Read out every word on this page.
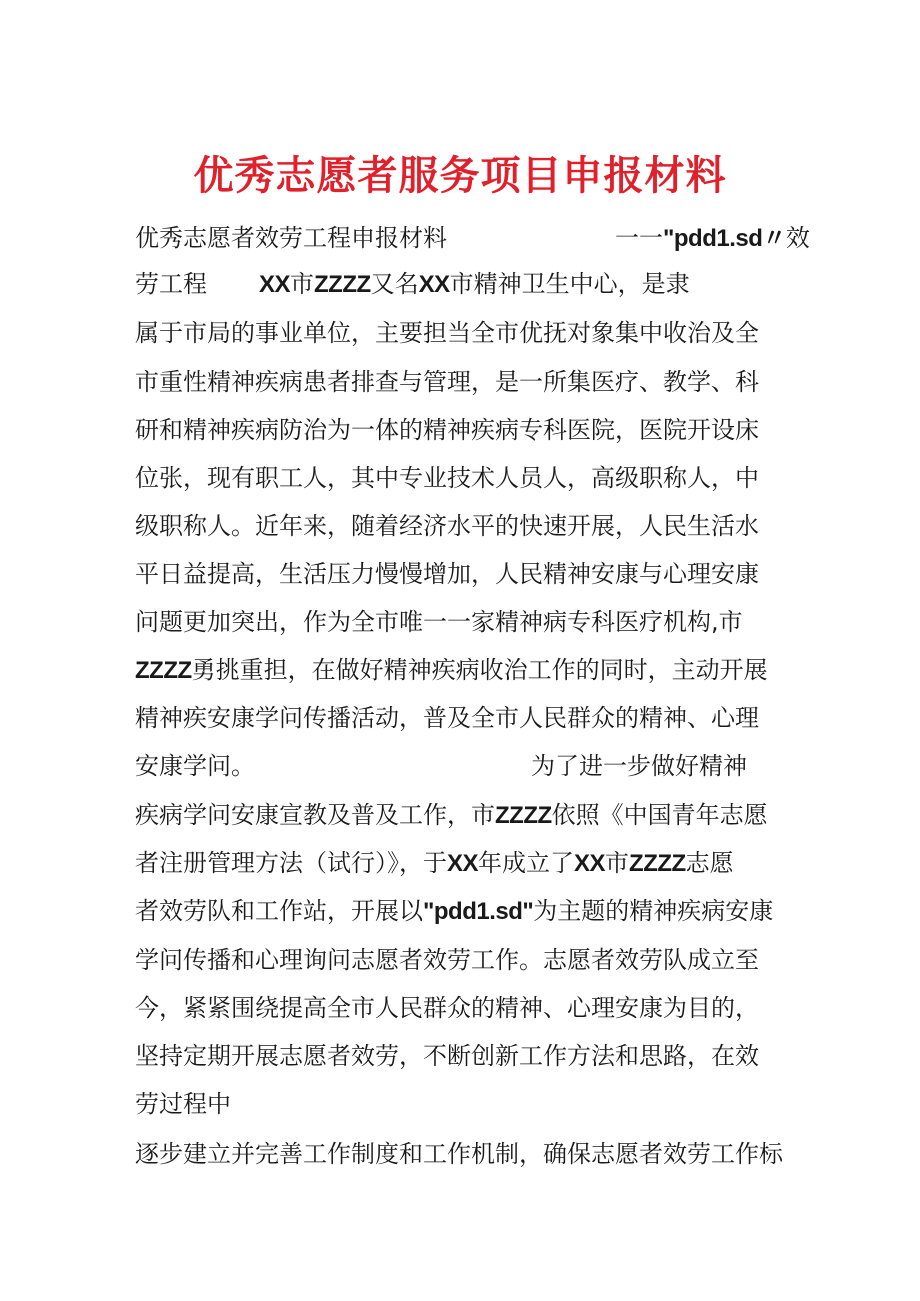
优秀志愿者服务项目申报材料

优秀志愿者效劳工程申报材料	一一"pdd1.sd〃效

劳工程 XX市ZZZZ又名XX市精神卫生中心，是隶

属于市局的事业单位，主要担当全市优抚对象集中收治及全

市重性精神疾病患者排查与管理，是一所集医疗、教学、科

研和精神疾病防治为一体的精神疾病专科医院，医院开设床

位张，现有职工人，其中专业技术人员人，高级职称人，中

级职称人。近年来，随着经济水平的快速开展，人民生活水

平日益提高，生活压力慢慢增加，人民精神安康与心理安康

问题更加突出，作为全市唯一一家精神病专科医疗机构,市

ZZZZ勇挑重担，在做好精神疾病收治工作的同时，主动开展

精神疾安康学问传播活动，普及全市人民群众的精神、心理

安康学问。	为了进一步做好精神

疾病学问安康宣教及普及工作，市ZZZZ依照《中国青年志愿

者注册管理方法（试行）》，于XX年成立了XX市ZZZZ志愿

者效劳队和工作站，开展以"pdd1.sd"为主题的精神疾病安康

学问传播和心理询问志愿者效劳工作。志愿者效劳队成立至

今，紧紧围绕提高全市人民群众的精神、心理安康为目的，

坚持定期开展志愿者效劳，不断创新工作方法和思路，在效

劳过程中

逐步建立并完善工作制度和工作机制，确保志愿者效劳工作标
